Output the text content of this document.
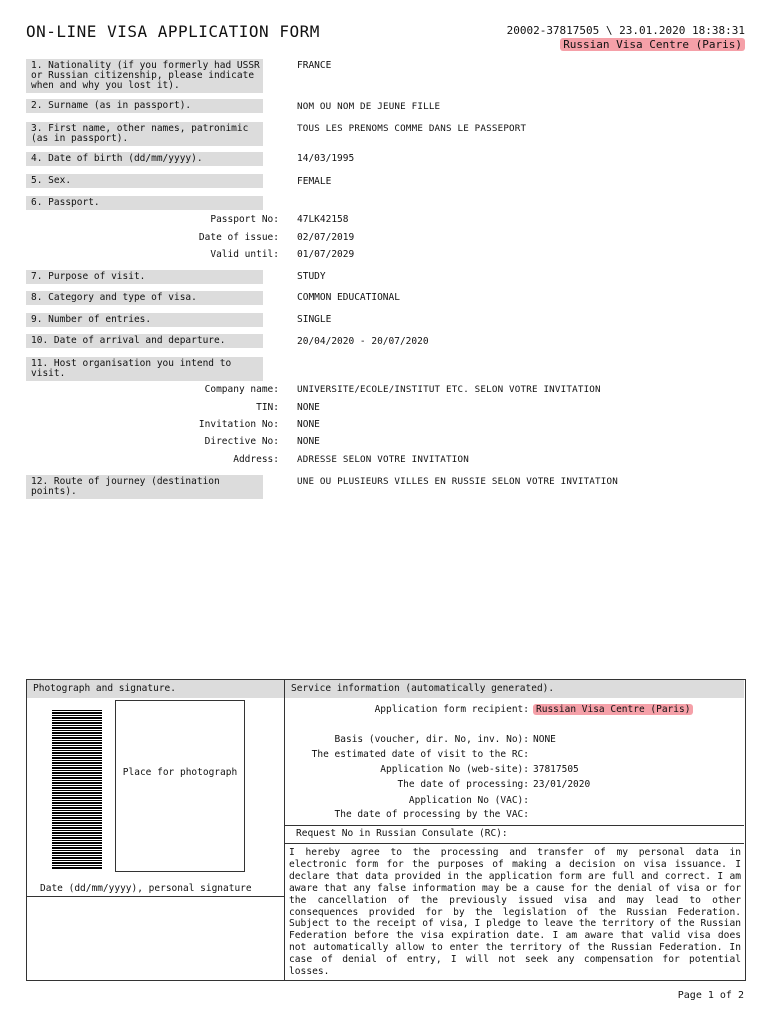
ON-LINE VISA APPLICATION FORM	20002-37817505 \ 23.01.2020 18:38:31
Russian Visa Centre (Paris)
1. Nationality (if you formerly had USSR or Russian citizenship, please indicate when and why you lost it).
FRANCE
2. Surname (as in passport).	NOM OU NOM DE JEUNE FILLE
3. First name, other names, patronimic (as in passport).
TOUS LES PRENOMS COMME DANS LE PASSEPORT
4. Date of birth (dd/mm/yyyy).	14/03/1995
5. Sex.	FEMALE
6. Passport.
Passport No: 47LK42158
Date of issue: 02/07/2019
Valid until: 01/07/2029
7. Purpose of visit.	STUDY
8. Category and type of visa.	COMMON EDUCATIONAL
9. Number of entries.	SINGLE
10. Date of arrival and departure.	20/04/2020 - 20/07/2020
11. Host organisation you intend to visit.
Company name: UNIVERSITE/ECOLE/INSTITUT ETC. SELON VOTRE INVITATION
TIN: NONE
Invitation No: NONE
Directive No: NONE
Address: ADRESSE SELON VOTRE INVITATION
12. Route of journey (destination points).
UNE OU PLUSIEURS VILLES EN RUSSIE SELON VOTRE INVITATION
Photograph and signature.	Service information (automatically generated).
Place for photograph
Date (dd/mm/yyyy), personal signature
Application form recipient: Russian Visa Centre (Paris)
Basis (voucher, dir. No, inv. No): NONE
The estimated date of visit to the RC:
Application No (web-site): 37817505
The date of processing: 23/01/2020
Application No (VAC):
The date of processing by the VAC:
Request No in Russian Consulate (RC):
I hereby agree to the processing and transfer of my personal data in electronic form for the purposes of making a decision on visa issuance. I declare that data provided in the application form are full and correct. I am aware that any false information may be a cause for the denial of visa or for the cancellation of the previously issued visa and may lead to other consequences provided for by the legislation of the Russian Federation. Subject to the receipt of visa, I pledge to leave the territory of the Russian Federation before the visa expiration date. I am aware that valid visa does not automatically allow to enter the territory of the Russian Federation. In case of denial of entry, I will not seek any compensation for potential losses.
Page 1 of 2
